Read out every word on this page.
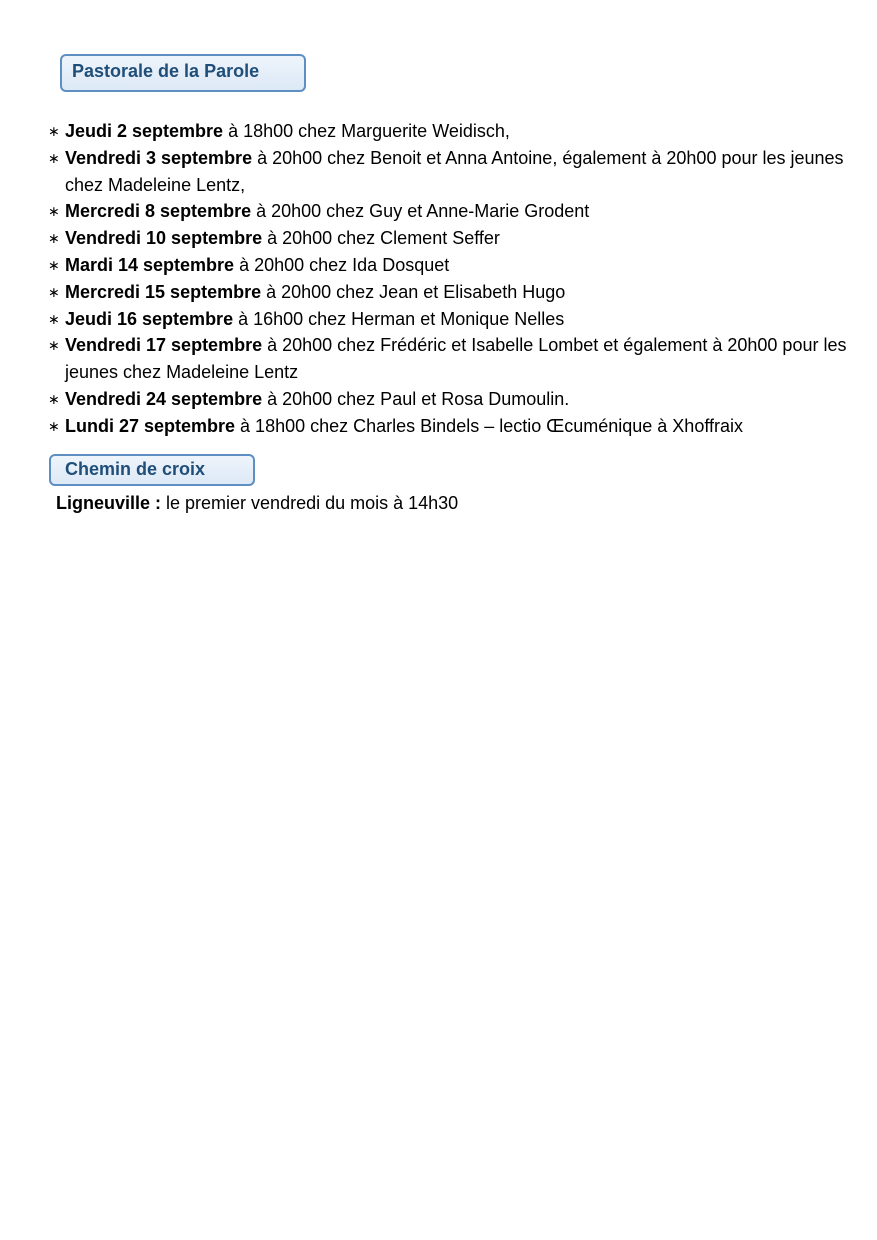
Pastorale de la Parole
∗ Jeudi 2 septembre à 18h00 chez Marguerite Weidisch,
∗ Vendredi 3 septembre à 20h00 chez Benoit et Anna Antoine, également à 20h00 pour les jeunes chez Madeleine Lentz,
∗ Mercredi 8 septembre à 20h00 chez Guy et Anne-Marie Grodent
∗ Vendredi 10 septembre à 20h00 chez Clement Seffer
∗ Mardi 14 septembre à 20h00 chez Ida Dosquet
∗ Mercredi 15 septembre à 20h00 chez Jean et Elisabeth Hugo
∗ Jeudi 16 septembre à 16h00 chez Herman et Monique Nelles
∗ Vendredi 17 septembre à 20h00 chez Frédéric et Isabelle Lombet et également à 20h00 pour les jeunes chez Madeleine Lentz
∗ Vendredi 24 septembre à 20h00 chez Paul et Rosa Dumoulin.
∗ Lundi 27 septembre à 18h00 chez Charles Bindels – lectio Œcuménique à Xhoffraix
Chemin de croix
Ligneuville : le premier vendredi du mois à 14h30
